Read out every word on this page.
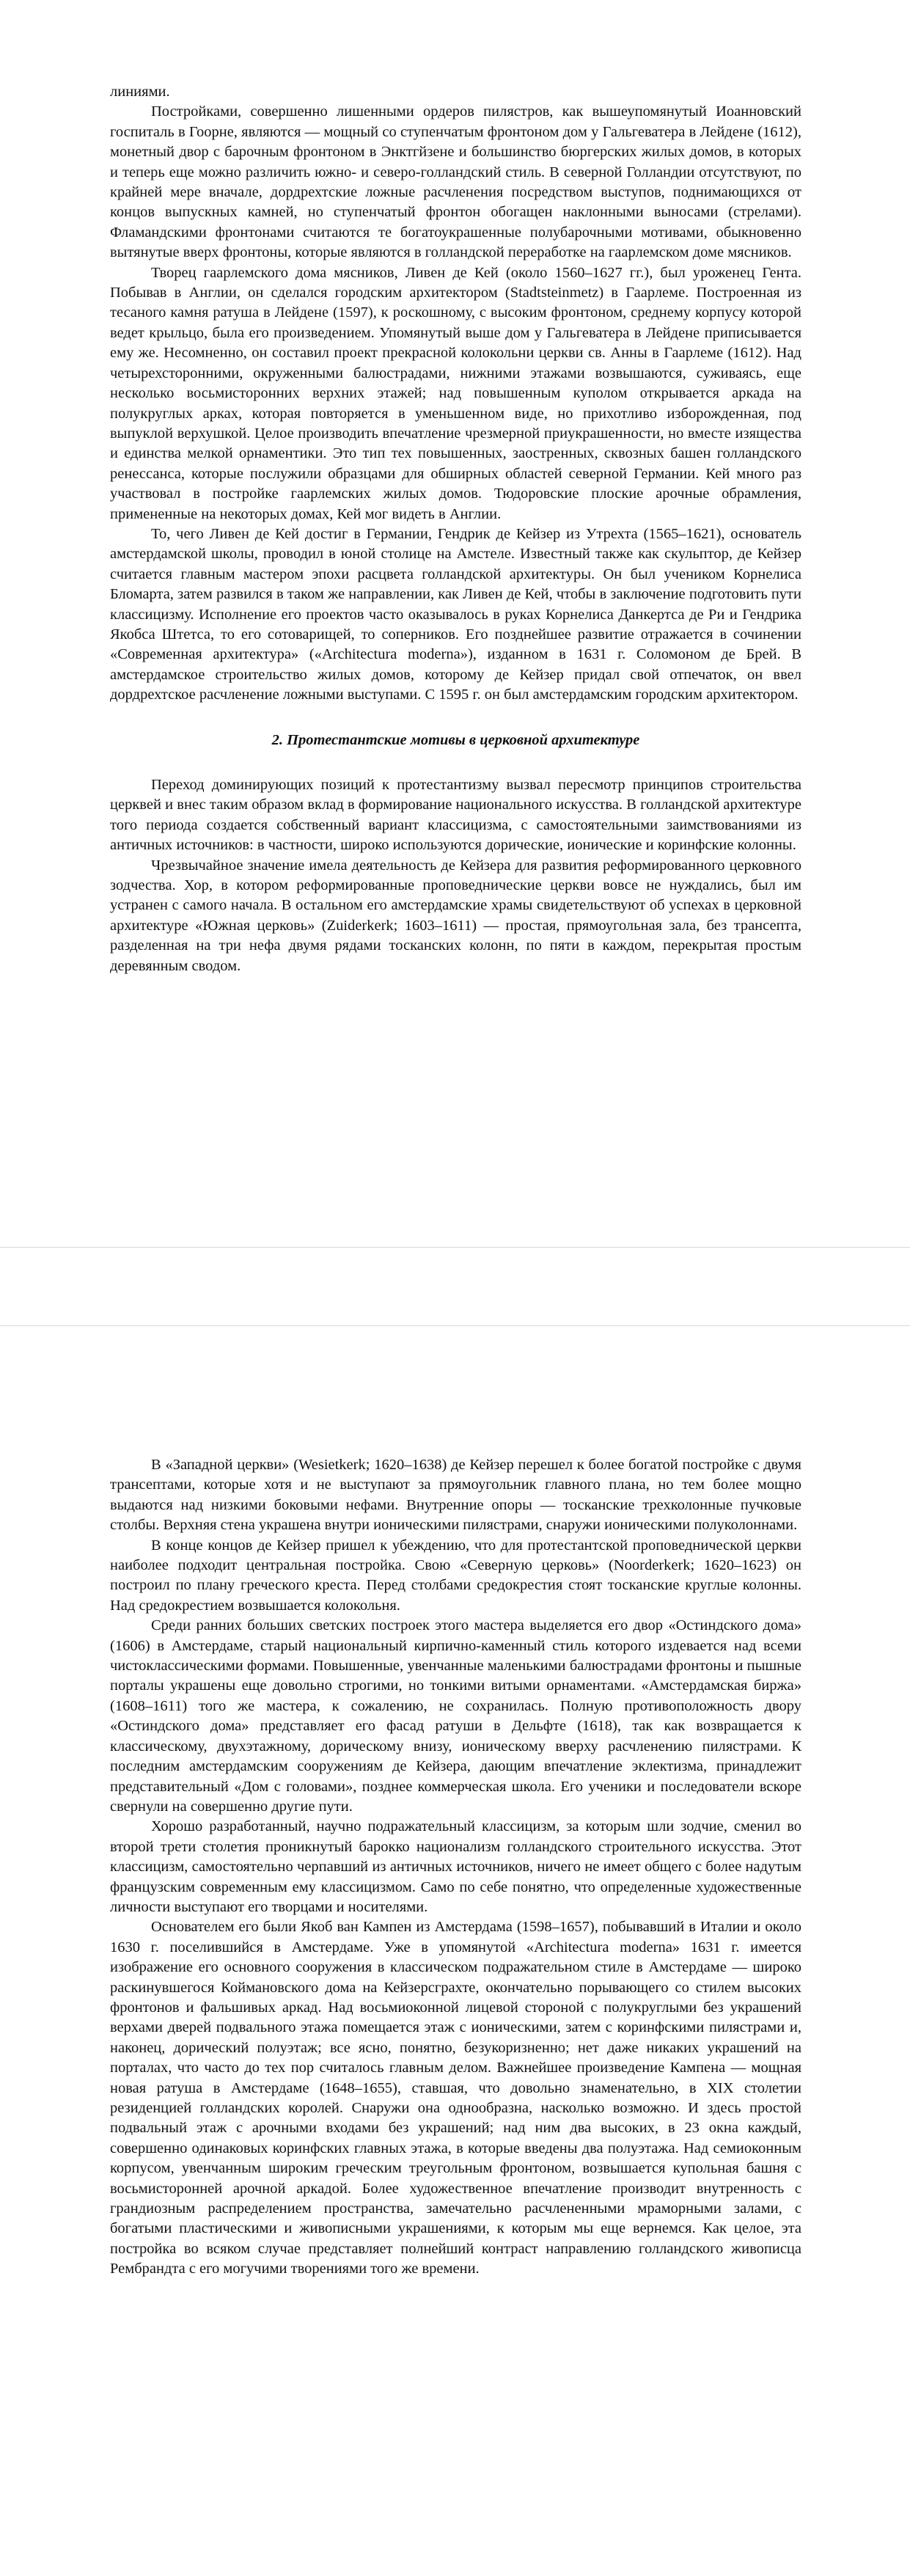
линиями.

Постройками, совершенно лишенными ордеров пилястров, как вышеупомянутый Иоанновский госпиталь в Гоорне, являются — мощный со ступенчатым фронтоном дом у Гальгеватера в Лейдене (1612), монетный двор с барочным фронтоном в Энктгйзене и большинство бюргерских жилых домов, в которых и теперь еще можно различить южно- и северо-голландский стиль. В северной Голландии отсутствуют, по крайней мере вначале, дордрехтские ложные расчленения посредством выступов, поднимающихся от концов выпускных камней, но ступенчатый фронтон обогащен наклонными выносами (стрелами). Фламандскими фронтонами считаются те богатоукрашенные полубарочными мотивами, обыкновенно вытянутые вверх фронтоны, которые являются в голландской переработке на гаарлемском доме мясников.

Творец гаарлемского дома мясников, Ливен де Кей (около 1560–1627 гг.), был уроженец Гента. Побывав в Англии, он сделался городским архитектором (Stadtsteinmetz) в Гаарлеме. Построенная из тесаного камня ратуша в Лейдене (1597), к роскошному, с высоким фронтоном, среднему корпусу которой ведет крыльцо, была его произведением. Упомянутый выше дом у Гальгеватера в Лейдене приписывается ему же. Несомненно, он составил проект прекрасной колокольни церкви св. Анны в Гаарлеме (1612). Над четырехсторонними, окруженными балюстрадами, нижними этажами возвышаются, суживаясь, еще несколько восьмисторонних верхних этажей; над повышенным куполом открывается аркада на полукруглых арках, которая повторяется в уменьшенном виде, но прихотливо изборожденная, под выпуклой верхушкой. Целое производить впечатление чрезмерной приукрашенности, но вместе изящества и единства мелкой орнаментики. Это тип тех повышенных, заостренных, сквозных башен голландского ренессанса, которые послужили образцами для обширных областей северной Германии. Кей много раз участвовал в постройке гаарлемских жилых домов. Тюдоровские плоские арочные обрамления, примененные на некоторых домах, Кей мог видеть в Англии.

То, чего Ливен де Кей достиг в Германии, Гендрик де Кейзер из Утрехта (1565–1621), основатель амстердамской школы, проводил в юной столице на Амстеле. Известный также как скульптор, де Кейзер считается главным мастером эпохи расцвета голландской архитектуры. Он был учеником Корнелиса Бломарта, затем развился в таком же направлении, как Ливен де Кей, чтобы в заключение подготовить пути классицизму. Исполнение его проектов часто оказывалось в руках Корнелиса Данкертса де Ри и Гендрика Якобса Штетса, то его сотоварищей, то соперников. Его позднейшее развитие отражается в сочинении «Современная архитектура» («Architectura moderna»), изданном в 1631 г. Соломоном де Брей. В амстердамское строительство жилых домов, которому де Кейзер придал свой отпечаток, он ввел дордрехтское расчленение ложными выступами. С 1595 г. он был амстердамским городским архитектором.

2. Протестантские мотивы в церковной архитектуре

Переход доминирующих позиций к протестантизму вызвал пересмотр принципов строительства церквей и внес таким образом вклад в формирование национального искусства. В голландской архитектуре того периода создается собственный вариант классицизма, с самостоятельными заимствованиями из античных источников: в частности, широко используются дорические, ионические и коринфские колонны.

Чрезвычайное значение имела деятельность де Кейзера для развития реформированного церковного зодчества. Хор, в котором реформированные проповеднические церкви вовсе не нуждались, был им устранен с самого начала. В остальном его амстердамские храмы свидетельствуют об успехах в церковной архитектуре «Южная церковь» (Zuiderkerk; 1603–1611) — простая, прямоугольная зала, без трансепта, разделенная на три нефа двумя рядами тосканских колонн, по пяти в каждом, перекрытая простым деревянным сводом.

В «Западной церкви» (Wesietkerk; 1620–1638) де Кейзер перешел к более богатой постройке с двумя трансептами, которые хотя и не выступают за прямоугольник главного плана, но тем более мощно выдаются над низкими боковыми нефами. Внутренние опоры — тосканские трехколонные пучковые столбы. Верхняя стена украшена внутри ионическими пилястрами, снаружи ионическими полуколоннами.

В конце концов де Кейзер пришел к убеждению, что для протестантской проповеднической церкви наиболее подходит центральная постройка. Свою «Северную церковь» (Noorderkerk; 1620–1623) он построил по плану греческого креста. Перед столбами средокрестия стоят тосканские круглые колонны. Над средокрестием возвышается колокольня.

Среди ранних больших светских построек этого мастера выделяется его двор «Остиндского дома» (1606) в Амстердаме, старый национальный кирпично-каменный стиль которого издевается над всеми чистоклассическими формами. Повышенные, увенчанные маленькими балюстрадами фронтоны и пышные порталы украшены еще довольно строгими, но тонкими витыми орнаментами. «Амстердамская биржа» (1608–1611) того же мастера, к сожалению, не сохранилась. Полную противоположность двору «Остиндского дома» представляет его фасад ратуши в Дельфте (1618), так как возвращается к классическому, двухэтажному, дорическому внизу, ионическому вверху расчленению пилястрами. К последним амстердамским сооружениям де Кейзера, дающим впечатление эклектизма, принадлежит представительный «Дом с головами», позднее коммерческая школа. Его ученики и последователи вскоре свернули на совершенно другие пути.

Хорошо разработанный, научно подражательный классицизм, за которым шли зодчие, сменил во второй трети столетия проникнутый барокко национализм голландского строительного искусства. Этот классицизм, самостоятельно черпавший из античных источников, ничего не имеет общего с более надутым французским современным ему классицизмом. Само по себе понятно, что определенные художественные личности выступают его творцами и носителями.

Основателем его были Якоб ван Кампен из Амстердама (1598–1657), побывавший в Италии и около 1630 г. поселившийся в Амстердаме. Уже в упомянутой «Architectura moderna» 1631 г. имеется изображение его основного сооружения в классическом подражательном стиле в Амстердаме — широко раскинувшегося Коймановского дома на Кейзерсграхте, окончательно порывающего со стилем высоких фронтонов и фальшивых аркад. Над восьмиоконной лицевой стороной с полукруглыми без украшений верхами дверей подвального этажа помещается этаж с ионическими, затем с коринфскими пилястрами и, наконец, дорический полуэтаж; все ясно, понятно, безукоризненно; нет даже никаких украшений на порталах, что часто до тех пор считалось главным делом. Важнейшее произведение Кампена — мощная новая ратуша в Амстердаме (1648–1655), ставшая, что довольно знаменательно, в XIX столетии резиденцией голландских королей. Снаружи она однообразна, насколько возможно. И здесь простой подвальный этаж с арочными входами без украшений; над ним два высоких, в 23 окна каждый, совершенно одинаковых коринфских главных этажа, в которые введены два полуэтажа. Над семиоконным корпусом, увенчанным широким греческим треугольным фронтоном, возвышается купольная башня с восьмисторонней арочной аркадой. Более художественное впечатление производит внутренность с грандиозным распределением пространства, замечательно расчлененными мраморными залами, с богатыми пластическими и живописными украшениями, к которым мы еще вернемся. Как целое, эта постройка во всяком случае представляет полнейший контраст направлению голландского живописца Рембрандта с его могучими творениями того же времени.
